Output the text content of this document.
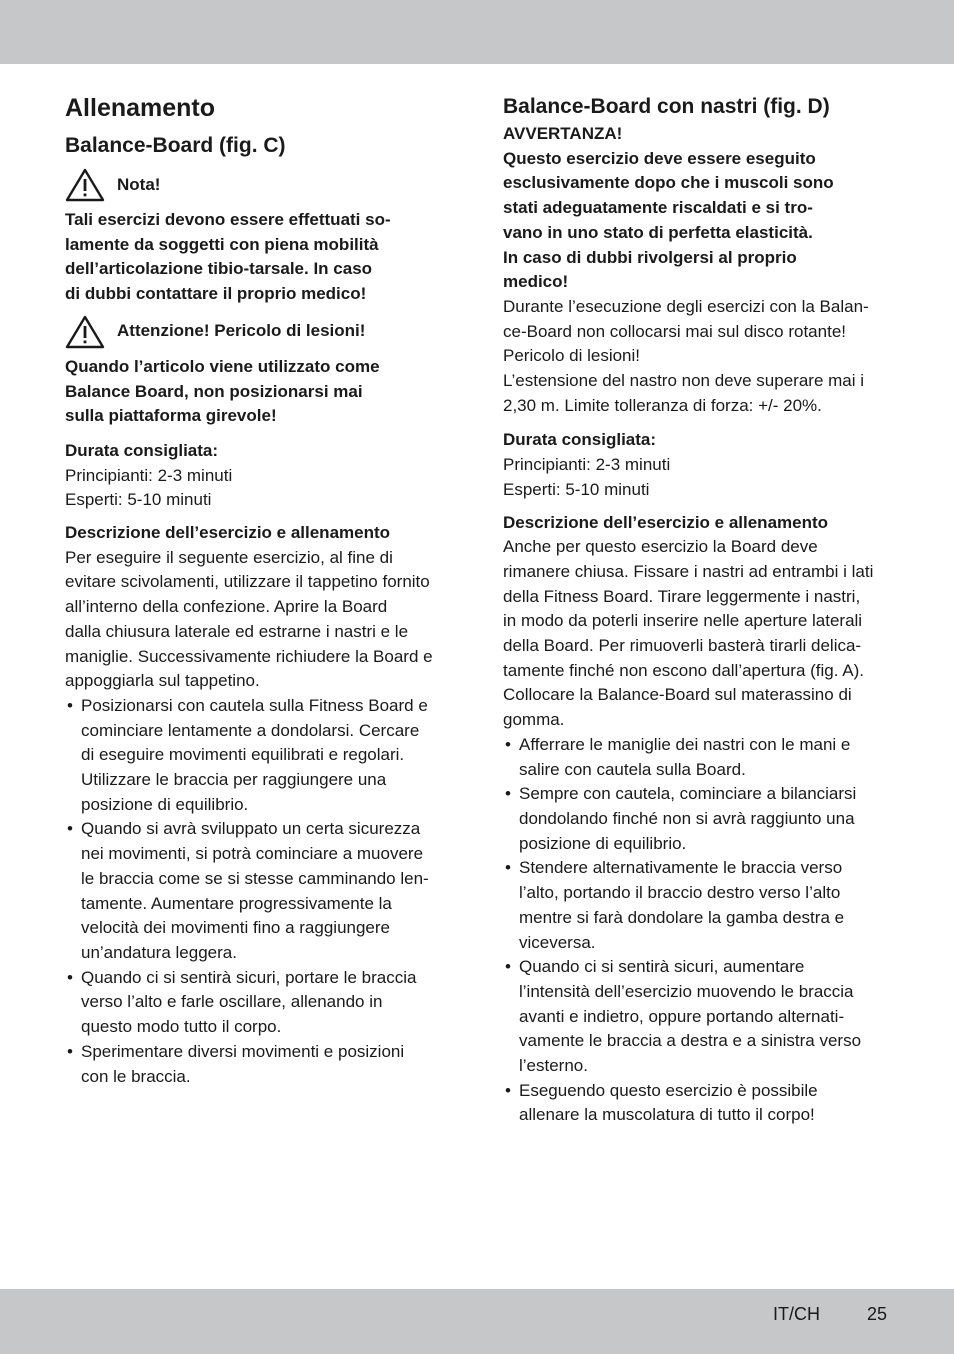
Allenamento
Balance-Board (fig. C)
Nota!

Tali esercizi devono essere effettuati so-
lamente da soggetti con piena mobilità
dell’articolazione tibio-tarsale. In caso
di dubbi contattare il proprio medico!

Attenzione! Pericolo di lesioni!

Quando l’articolo viene utilizzato come
Balance Board, non posizionarsi mai
sulla piattaforma girevole!

Durata consigliata:

Principianti: 2-3 minuti
Esperti: 5-10 minuti

Descrizione dell’esercizio e allenamento

Per eseguire il seguente esercizio, al fine di
evitare scivolamenti, utilizzare il tappetino fornito
all’interno della confezione. Aprire la Board
dalla chiusura laterale ed estrarne i nastri e le
maniglie. Successivamente richiudere la Board e
appoggiarla sul tappetino.

• Posizionarsi con cautela sulla Fitness Board e
cominciare lentamente a dondolarsi. Cercare
di eseguire movimenti equilibrati e regolari.
Utilizzare le braccia per raggiungere una
posizione di equilibrio.
• Quando si avrà sviluppato un certa sicurezza
nei movimenti, si potrà cominciare a muovere
le braccia come se si stesse camminando len-
tamente. Aumentare progressivamente la
velocità dei movimenti fino a raggiungere
un’andatura leggera.
• Quando ci si sentirà sicuri, portare le braccia
verso l’alto e farle oscillare, allenando in
questo modo tutto il corpo.
• Sperimentare diversi movimenti e posizioni
con le braccia.
Balance-Board con nastri (fig. D)

AVVERTANZA!
Questo esercizio deve essere eseguito
esclusivamente dopo che i muscoli sono
stati adeguatamente riscaldati e si tro-
vano in uno stato di perfetta elasticità.
In caso di dubbi rivolgersi al proprio
medico!

Durante l’esecuzione degli esercizi con la Balan-
ce-Board non collocarsi mai sul disco rotante!
Pericolo di lesioni!
L’estensione del nastro non deve superare mai i
2,30 m. Limite tolleranza di forza: +/- 20%.

Durata consigliata:

Principianti: 2-3 minuti
Esperti: 5-10 minuti

Descrizione dell’esercizio e allenamento

Anche per questo esercizio la Board deve
rimanere chiusa. Fissare i nastri ad entrambi i lati
della Fitness Board. Tirare leggermente i nastri,
in modo da poterli inserire nelle aperture laterali
della Board. Per rimuoverli basterà tirarli delica-
tamente finché non escono dall’apertura (fig. A).
Collocare la Balance-Board sul materassino di
gomma.

• Afferrare le maniglie dei nastri con le mani e
salire con cautela sulla Board.
• Sempre con cautela, cominciare a bilanciarsi
dondolando finché non si avrà raggiunto una
posizione di equilibrio.
• Stendere alternativamente le braccia verso
l’alto, portando il braccio destro verso l’alto
mentre si farà dondolare la gamba destra e
viceversa.
• Quando ci si sentirà sicuri, aumentare
l’intensità dell’esercizio muovendo le braccia
avanti e indietro, oppure portando alternati-
vamente le braccia a destra e a sinistra verso
l’esterno.
• Eseguendo questo esercizio è possibile
allenare la muscolatura di tutto il corpo!
IT/CH	25
